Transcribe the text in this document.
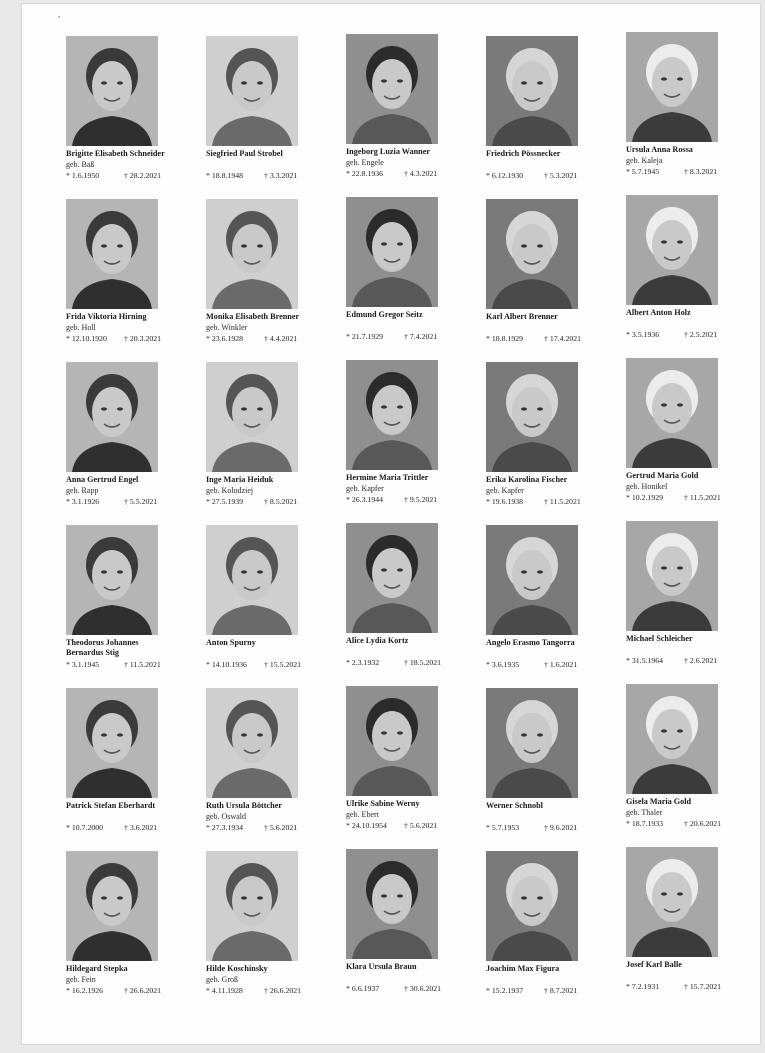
Brigitte Elisabeth Schneider
geb. Baß
* 1.6.1950	† 28.2.2021
Siegfried Paul Strobel
* 18.8.1948	† 3.3.2021
Ingeborg Luzia Wanner
geb. Engele
* 22.8.1936	† 4.3.2021
Friedrich Pössnecker
* 6.12.1930	† 5.3.2021
Ursula Anna Rossa
geb. Kaleja
* 5.7.1945	† 8.3.2021
Frida Viktoria Hirning
geb. Holl
* 12.10.1920 † 20.3.2021
Monika Elisabeth Brenner
geb. Winkler
* 23.6.1928	† 4.4.2021
Edmund Gregor Seitz
* 21.7.1929	† 7.4.2021
Karl Albert Brenner
* 18.8.1929	† 17.4.2021
Albert Anton Holz
* 3.5.1936	† 2.5.2021
Anna Gertrud Engel
geb. Rapp
* 3.1.1926	† 5.5.2021
Inge Maria Heiduk
geb. Kolodziej
* 27.5.1939	† 8.5.2021
Hermine Maria Trittler
geb. Kapfer
* 26.3.1944	† 9.5.2021
Erika Karolina Fischer
geb. Kapfer
* 19.6.1938	† 11.5.2021
Gertrud Maria Gold
geb. Honikel
* 10.2.1929	† 11.5.2021
Theodorus Johannes Bernardus Stig
* 3.1.1945	† 11.5.2021
Anton Spurny
* 14.10.1936 † 15.5.2021
Alice Lydia Kortz
* 2.3.1932	† 18.5.2021
Angelo Erasmo Tangorra
* 3.6.1935	† 1.6.2021
Michael Schleicher
* 31.5.1964	† 2.6.2021
Patrick Stefan Eberhardt
* 10.7.2000	† 3.6.2021
Ruth Ursula Böttcher
geb. Oswald
* 27.3.1934	† 5.6.2021
Ulrike Sabine Werny
geb. Ebert
* 24.10.1954 † 5.6.2021
Werner Schnobl
* 5.7.1953	† 9.6.2021
Gisela Maria Gold
geb. Thaler
* 18.7.1933	† 20.6.2021
Hildegard Stepka
geb. Fein
* 16.2.1926	† 26.6.2021
Hilde Koschinsky
geb. Groß
* 4.11.1928	† 26.6.2021
Klara Ursula Braun
* 6.6.1937	† 30.6.2021
Joachim Max Figura
* 15.2.1937	† 8.7.2021
Josef Karl Balle
* 7.2.1931	† 15.7.2021
